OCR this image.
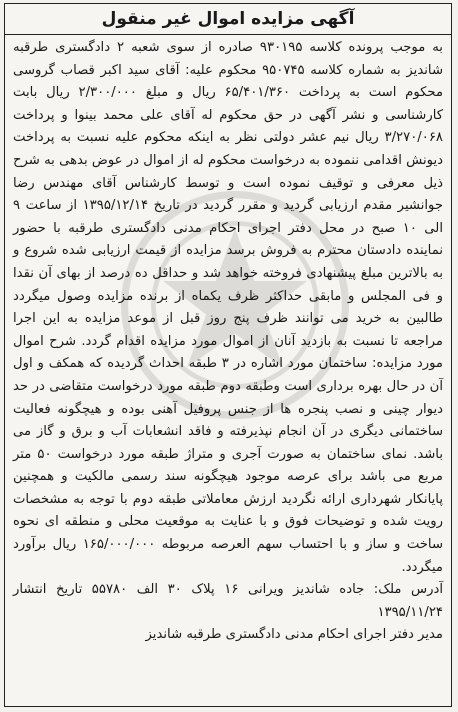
آگهی مزایده اموال غیر منقول

به موجب پرونده کلاسه ۹۳۰۱۹۵ صادره از سوی شعبه ۲ دادگستری طرقبه شاندیز به شماره کلاسه ۹۵۰۷۴۵ محکوم علیه: آقای سید اکبر قصاب گروسی محکوم است به پرداخت ۶۵/۴۰۱/۳۶۰ ریال و مبلغ ۲/۳۰۰/۰۰۰ ریال بابت کارشناسی و نشر آگهی در حق محکوم له آقای علی محمد بینوا و پرداخت ۳/۲۷۰/۰۶۸ ریال نیم عشر دولتی نظر به اینکه محکوم علیه نسبت به پرداخت دیونش اقدامی ننموده به درخواست محکوم له از اموال در عوض بدهی به شرح ذیل معرفی و توقیف نموده است و توسط کارشناس آقای مهندس رضا جوانشیر مقدم ارزیابی گردید و مقرر گردید در تاریخ ۱۳۹۵/۱۲/۱۴ از ساعت ۹ الی ۱۰ صبح در محل دفتر اجرای احکام مدنی دادگستری طرقبه با حضور نماینده دادستان محترم به فروش برسد مزایده از قیمت ارزیابی شده شروع و به بالاترین مبلغ پیشنهادی فروخته خواهد شد و حداقل ده درصد از بهای آن نقدا و فی المجلس و مابقی حداکثر ظرف یکماه از برنده مزایده وصول میگردد طالبین به خرید می توانند ظرف پنج روز قبل از موعد مزایده به این اجرا مراجعه تا نسبت به بازدید آنان از اموال مورد مزایده اقدام گردد. شرح اموال مورد مزایده: ساختمان مورد اشاره در ۳ طبقه احداث گردیده که همکف و اول آن در حال بهره برداری است وطبقه دوم طبقه مورد درخواست متقاضی در حد دیوار چینی و نصب پنجره ها از جنس پروفیل آهنی بوده و هیچگونه فعالیت ساختمانی دیگری در آن انجام نپذیرفته و فاقد انشعابات آب و برق و گاز می باشد. نمای ساختمان به صورت آجری و متراژ طبقه مورد درخواست ۵۰ متر مربع می باشد برای عرصه موجود هیچگونه سند رسمی مالکیت و همچنین پایانکار شهرداری ارائه نگردید ارزش معاملاتی طبقه دوم با توجه به مشخصات رویت شده و توضیحات فوق و با عنایت به موقعیت محلی و منطقه ای نحوه ساخت و ساز و با احتساب سهم العرصه مربوطه ۱۶۵/۰۰۰/۰۰۰ ریال برآورد میگردد.

آدرس ملک: جاده شاندیز ویرانی ۱۶ پلاک ۳۰ الف ۵۵۷۸۰ تاریخ انتشار ۱۳۹۵/۱۱/۲۴

مدیر دفتر اجرای احکام مدنی دادگستری طرقبه شاندیز
